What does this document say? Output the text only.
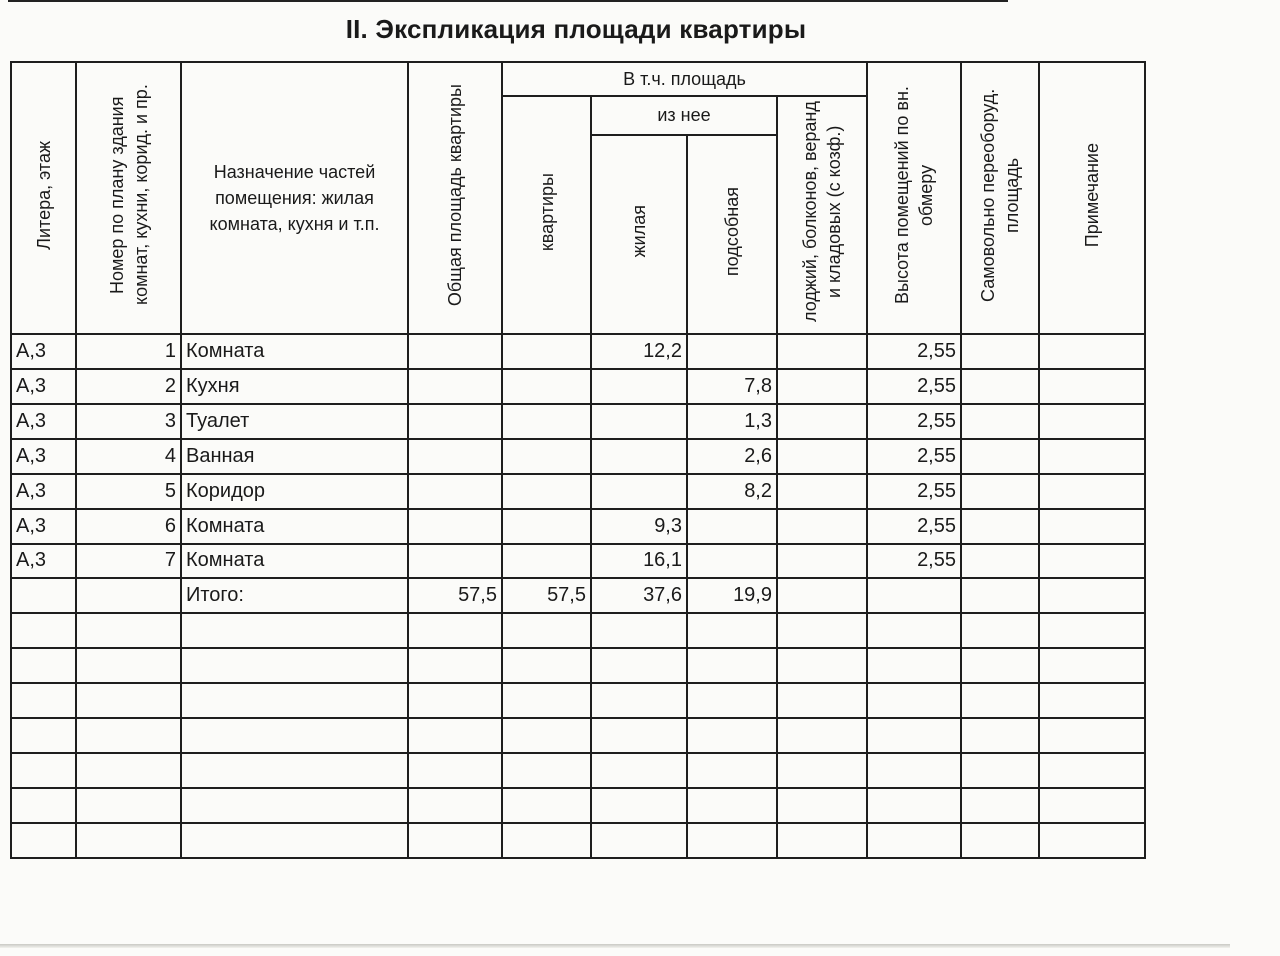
II. Экспликация площади квартиры
Литера, этаж	Номер по плану здания комнат, кухни, корид. и пр.	Назначение частей помещения: жилая комната, кухня и т.п.	Общая площадь квартиры	В т.ч. площадь				Высота помещений по вн. обмеру	Самовольно переоборуд. площадь	Примечание
				квартиры	из нее		лоджий, болконов, веранд и кладовых (с козф.)			
					жилая	подсобная				
А,3	1	Комната			12,2			2,55		
А,3	2	Кухня				7,8		2,55		
А,3	3	Туалет				1,3		2,55		
А,3	4	Ванная				2,6		2,55		
А,3	5	Коридор				8,2		2,55		
А,3	6	Комната			9,3			2,55		
А,3	7	Комната			16,1			2,55		
		Итого:	57,5	57,5	37,6	19,9				
